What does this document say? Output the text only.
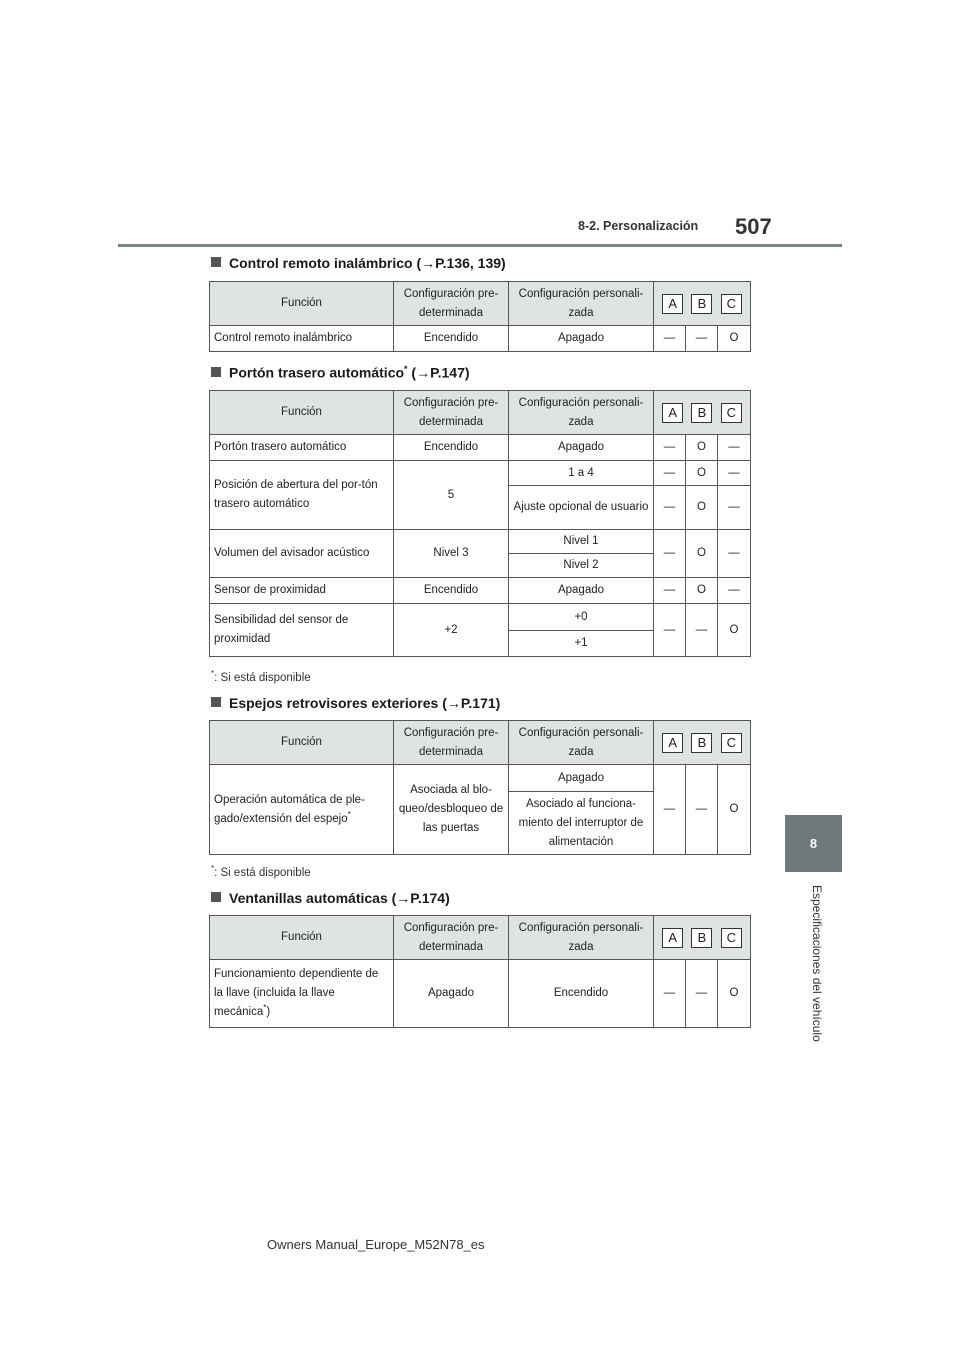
8-2. Personalización 507
8
Especificaciones del vehículo
Control remoto inalámbrico (→P.136, 139)
Función	Configuración pre-determinada	Configuración personali-zada	A B C		

Control remoto inalámbrico	Encendido	Apagado	—	—	O
Portón trasero automático* (→P.147)
Función	Configuración pre-determinada	Configuración personali-zada	A B C		

Portón trasero automático	Encendido	Apagado	—	O	—
Posición de abertura del por-tón trasero automático	5	1 a 4	—	O	—
		Ajuste opcional de usuario	—	O	—
Volumen del avisador acústico	Nivel 3	Nivel 1	—	O	—
		Nivel 2			
Sensor de proximidad	Encendido	Apagado	—	O	—
Sensibilidad del sensor de proximidad	+2	+0	—	—	O
		+1			
*: Si está disponible
Espejos retrovisores exteriores (→P.171)
Función	Configuración pre-determinada	Configuración personali-zada	A B C		

Operación automática de ple-gado/extensión del espejo*	Asociada al blo-queo/desbloqueo de las puertas	Apagado	—	—	O
		Asociado al funciona-miento del interruptor de alimentación			
*: Si está disponible
Ventanillas automáticas (→P.174)
Función	Configuración pre-determinada	Configuración personali-zada	A B C		

Funcionamiento dependiente de la llave (incluida la llave mecánica*)	Apagado	Encendido	—	—	O
Owners Manual_Europe_M52N78_es
